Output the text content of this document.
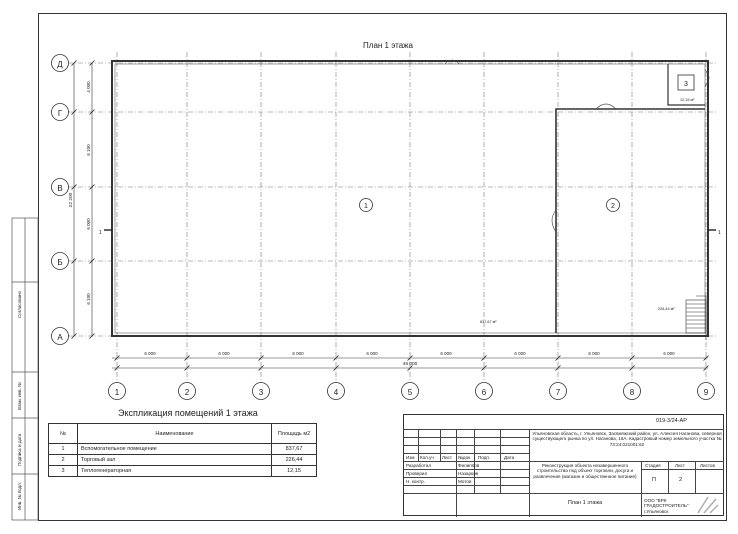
Инв. № подл.
Подпись и дата
Взам. инв. №
Согласовано
План 1 этажа
1	1
1	2
3
837,67 м²
226,44 м²
12,15 м²
6 000	6 000	6 000	6 000	6 000	6 000	6 000	6 000
48 000
4 000
6 100
6 000
6 100
22 200
Д
Г
В
Б
А
1	2	3	4	5	6	7	8	9
Экспликация помещений 1 этажа
№	Наименование	Площадь м2
1	Вспомогательное помещение	837,67
2	Торговый зал	226,44
3	Теплогенераторная	12,15
019-3/24-АР
Ульяновская область, г. Ульяновск, Засвияжский район, ул. Алексея Наганова, северная существующего рынка по ул. Наганова, 16А. Кадастровый номер земельного участка № 73:24:021001:62
Реконструкция объекта незавершенного строительства под объект торговли, досуга и развлечения (магазин и общественное питание)
План 1 этажа
Изм Кол.уч Лист №док Подп.	Дата
Разработал	Филиппов
Проверил	Назарков
Н. контр.	Мотов
Стадия	Лист	Листов
П	2
ООО "ВРК ГРАДОСТРОИТЕЛЬ" г.Ульяновск
